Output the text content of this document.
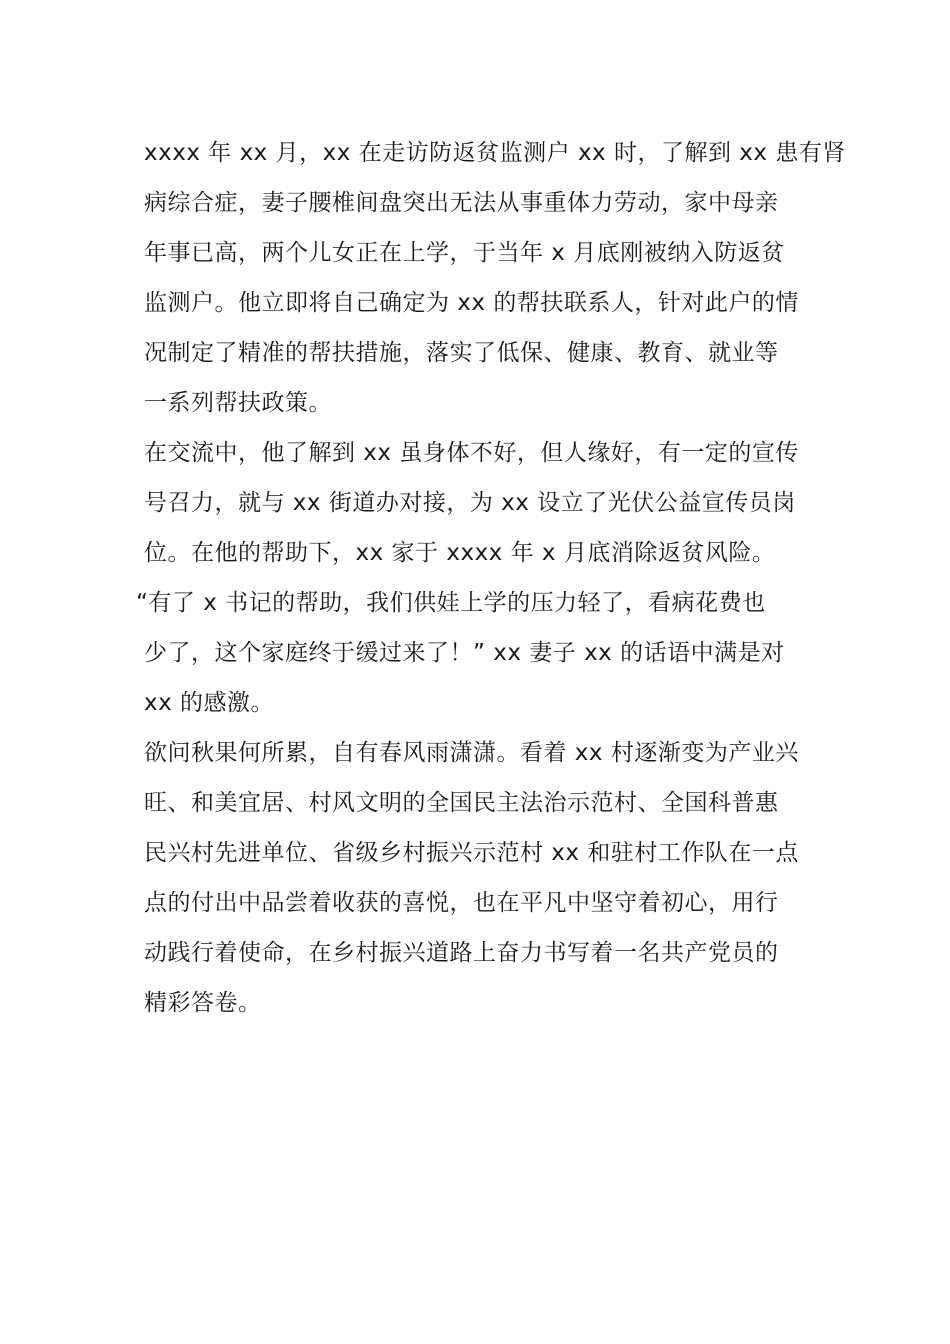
xxxx 年 xx 月，xx 在走访防返贫监测户 xx 时，了解到 xx 患有肾
病综合症，妻子腰椎间盘突出无法从事重体力劳动，家中母亲
年事已高，两个儿女正在上学，于当年 x 月底刚被纳入防返贫
监测户。他立即将自己确定为 xx 的帮扶联系人，针对此户的情
况制定了精准的帮扶措施，落实了低保、健康、教育、就业等
一系列帮扶政策。
在交流中，他了解到 xx 虽身体不好，但人缘好，有一定的宣传
号召力，就与 xx 街道办对接，为 xx 设立了光伏公益宣传员岗
位。在他的帮助下，xx 家于 xxxx 年 x 月底消除返贫风险。
“有了 x 书记的帮助，我们供娃上学的压力轻了，看病花费也
少了，这个家庭终于缓过来了！” xx 妻子 xx 的话语中满是对
xx 的感激。
欲问秋果何所累，自有春风雨潇潇。看着 xx 村逐渐变为产业兴
旺、和美宜居、村风文明的全国民主法治示范村、全国科普惠
民兴村先进单位、省级乡村振兴示范村 xx 和驻村工作队在一点
点的付出中品尝着收获的喜悦，也在平凡中坚守着初心，用行
动践行着使命，在乡村振兴道路上奋力书写着一名共产党员的
精彩答卷。
